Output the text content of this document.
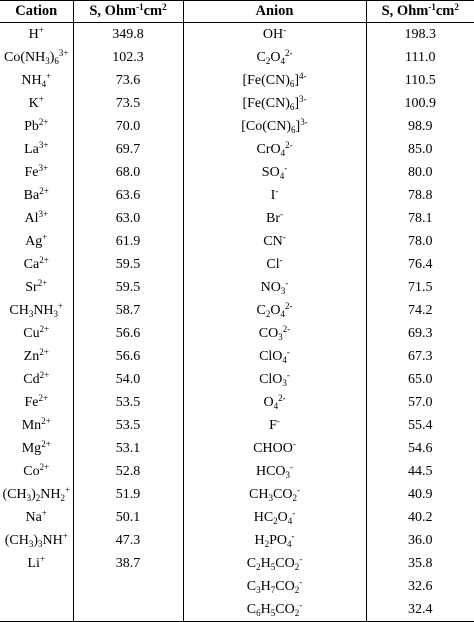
Cation	S, $Ohm^{-1}cm^2$	Anion	S, $Ohm^{-1}cm^2$
H+	349.8	OH-	198.3
$Co(NH_3)_6^{3+}$	102.3	$C_2O_4^{2-}$	111.0
$NH_4^+$	73.6	$[Fe(CN)_6]^{4-}$	110.5
K+	73.5	$[Fe(CN)_6]^{3-}$	100.9
$Pb^{2+}$	70.0	$[Co(CN)_6]^{3-}$	98.9
$La^{3+}$	69.7	CrO$_4^{2-}$	85.0
$Fe^{3+}$	68.0	$SO_4^-$	80.0
$Ba^{2+}$	63.6	I-	78.8
$Al^{3+}$	63.0	Br-	78.1
Ag+	61.9	CN-	78.0
$Ca^{2+}$	59.5	Cl-	76.4
$Sr^{2+}$	59.5	$NO_3^-$	71.5
$CH_3NH_3^+$	58.7	$C_2O_4^{2-}$	74.2
$Cu^{2+}$	56.6	$CO_3^{2-}$	69.3
$Zn^{2+}$	56.6	ClO$_4$-	67.3
$Cd^{2+}$	54.0	ClO$_3$-	65.0
$Fe^{2+}$	53.5	$O_4^{2-}$	57.0
$Mn^{2+}$	53.5	F-	55.4
$Mg^{2+}$	53.1	CHOO-	54.6
$Co^{2+}$	52.8	$HCO_3^-$	44.5
$(CH_3)_2NH_2^+$	51.9	$CH_3CO_2^-$	40.9
Na+	50.1	$HC_2O_4^-$	40.2
$(CH_3)_3NH^+$	47.3	$H_2PO_4^-$	36.0
Li+	38.7	$C_2H_5CO_2^-$	35.8
		$C_3H_7CO_2^-$	32.6
		$C_6H_5CO_2^-$	32.4
